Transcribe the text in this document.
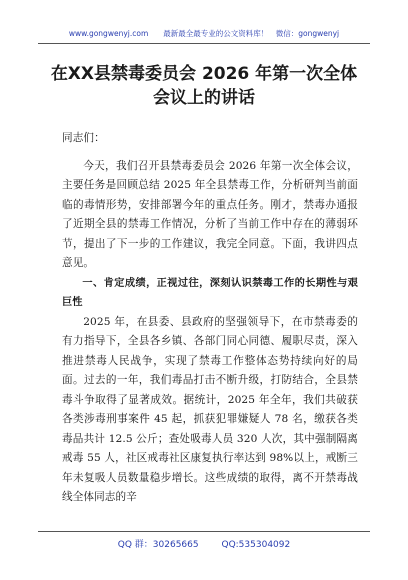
www.gongwenyj.com　　最新最全最专业的公文资料库！　微信：gongwenyj
在XX县禁毒委员会 2026 年第一次全体
会议上的讲话

同志们：

今天，我们召开县禁毒委员会 2026 年第一次全体会议，主要任务是回顾总结 2025 年全县禁毒工作，分析研判当前面临的毒情形势，安排部署今年的重点任务。刚才，禁毒办通报了近期全县的禁毒工作情况，分析了当前工作中存在的薄弱环节，提出了下一步的工作建议，我完全同意。下面，我讲四点意见。

一、肯定成绩，正视过往，深刻认识禁毒工作的长期性与艰巨性

2025 年，在县委、县政府的坚强领导下，在市禁毒委的有力指导下，全县各乡镇、各部门同心同德、履职尽责，深入推进禁毒人民战争，实现了禁毒工作整体态势持续向好的局面。过去的一年，我们毒品打击不断升级，打防结合，全县禁毒斗争取得了显著成效。据统计，2025 年全年，我们共破获各类涉毒刑事案件 45 起，抓获犯罪嫌疑人 78 名，缴获各类毒品共计 12.5 公斤；查处吸毒人员 320 人次，其中强制隔离戒毒 55 人，社区戒毒社区康复执行率达到 98%以上，戒断三年未复吸人员数量稳步增长。这些成绩的取得，离不开禁毒战线全体同志的辛

QQ 群：30265665	QQ:535304092
